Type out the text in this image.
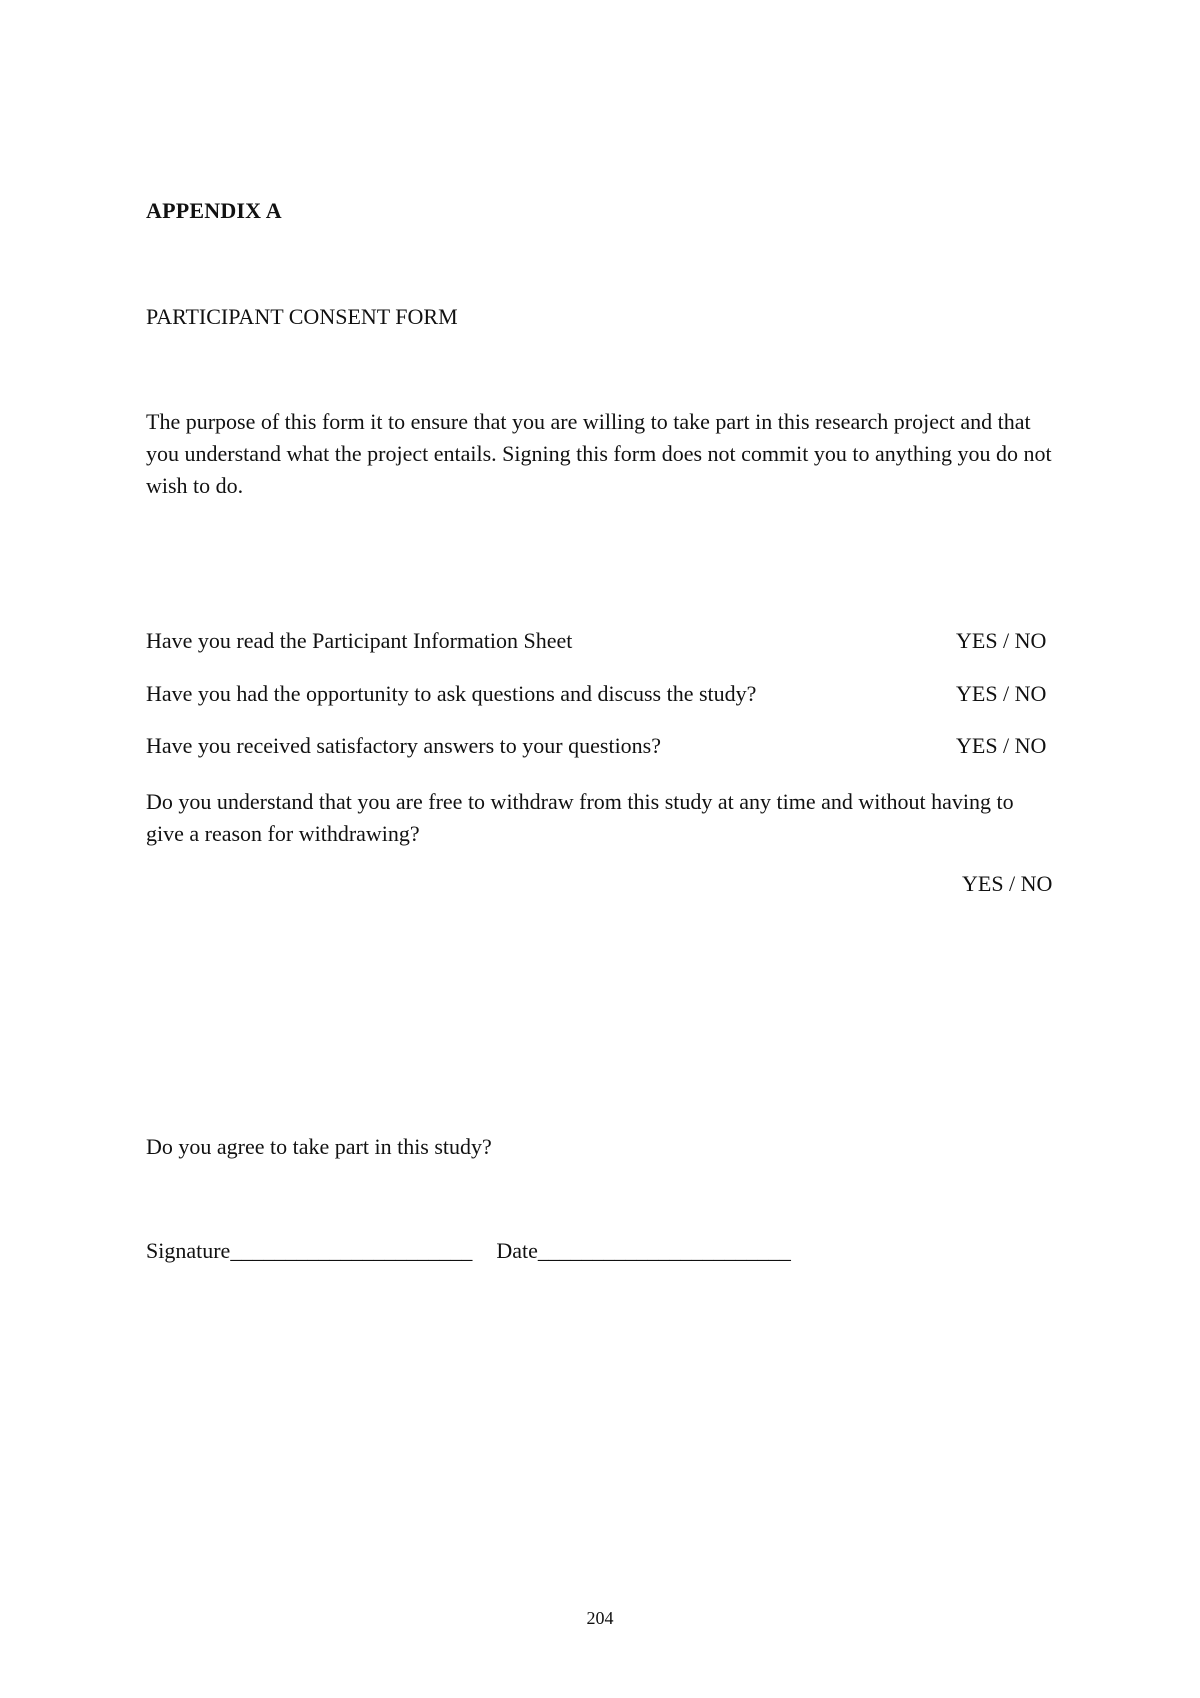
APPENDIX A
PARTICIPANT CONSENT FORM
The purpose of this form it to ensure that you are willing to take part in this research project and that you understand what the project entails. Signing this form does not commit you to anything you do not wish to do.
Have you read the Participant Information Sheet	YES / NO
Have you had the opportunity to ask questions and discuss the study?	YES / NO
Have you received satisfactory answers to your questions?	YES / NO
Do you understand that you are free to withdraw from this study at any time and without having to give a reason for withdrawing?
YES / NO
Do you agree to take part in this study?
Signature______________________ Date_______________________
204
